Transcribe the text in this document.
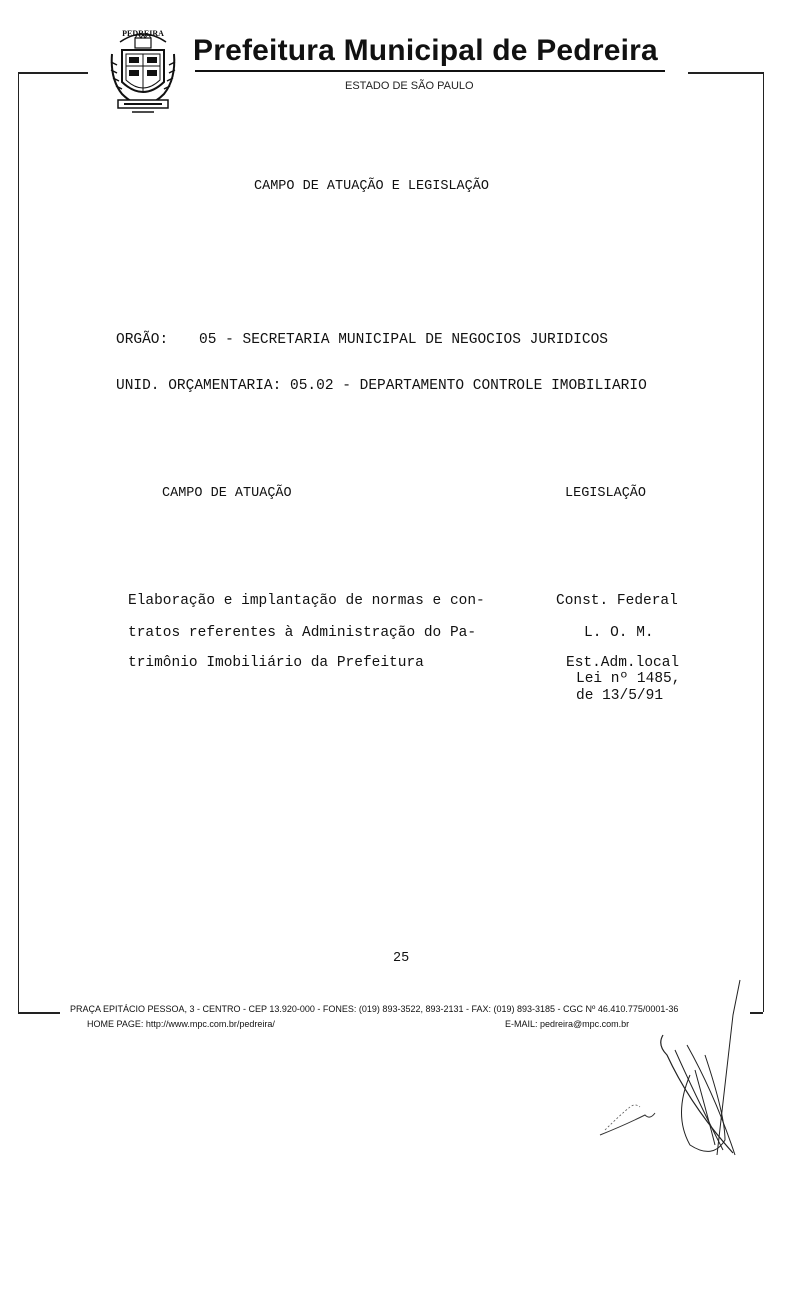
PEDREIRA
Prefeitura Municipal de Pedreira
ESTADO DE SÃO PAULO
CAMPO DE ATUAÇÃO E LEGISLAÇÃO
ORGÃO: 05 - SECRETARIA MUNICIPAL DE NEGOCIOS JURIDICOS
UNID. ORÇAMENTARIA: 05.02 - DEPARTAMENTO CONTROLE IMOBILIARIO
CAMPO DE ATUAÇÃO	LEGISLAÇÃO
Elaboração e implantação de normas e con-
tratos referentes à Administração do Pa-
trimônio Imobiliário da Prefeitura
Const. Federal
L. O. M.
Est.Adm.local
Lei nº 1485,
de 13/5/91
25
PRAÇA EPITÁCIO PESSOA, 3 - CENTRO - CEP 13.920-000 - FONES: (019) 893-3522, 893-2131 - FAX: (019) 893-3185 - CGC Nº 46.410.775/0001-36
HOME PAGE: http://www.mpc.com.br/pedreira/	E-MAIL: pedreira@mpc.com.br
